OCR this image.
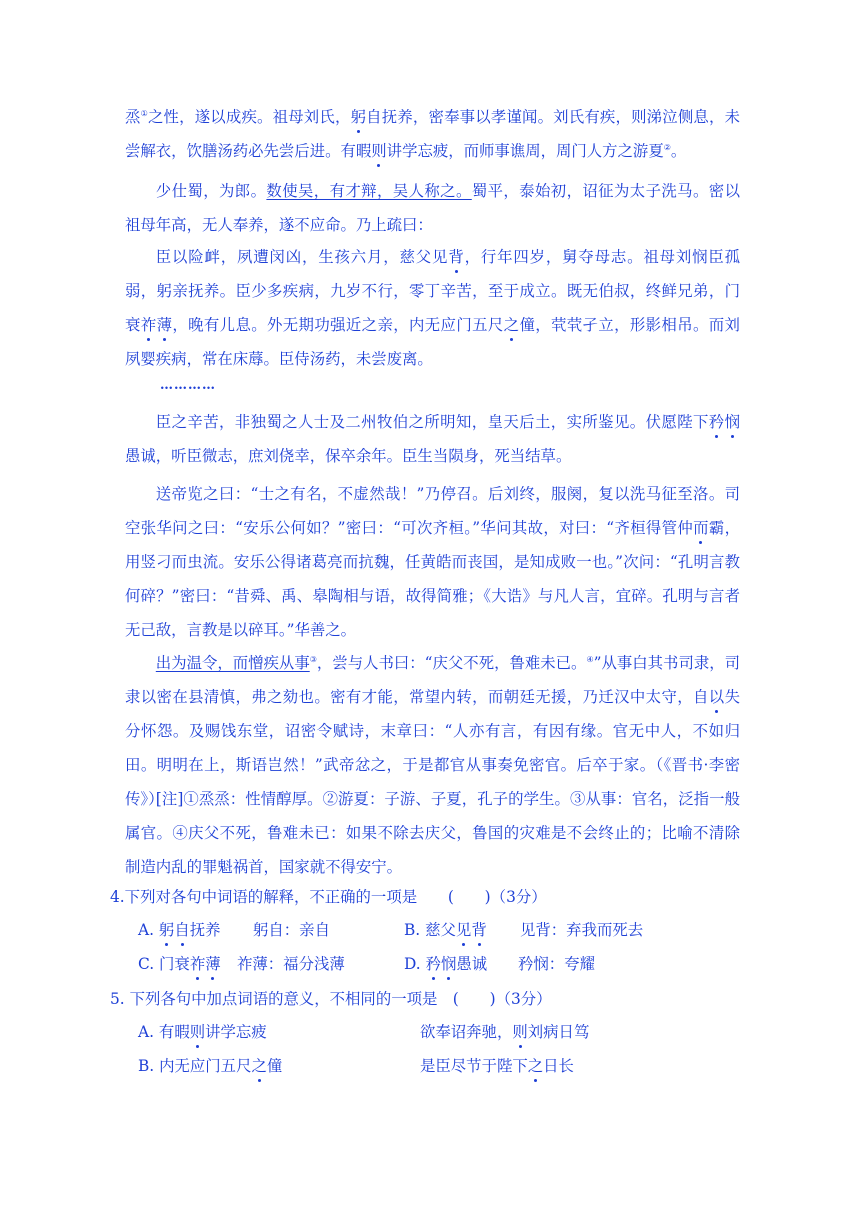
烝①之性，遂以成疾。祖母刘氏，躬自抚养，密奉事以孝谨闻。刘氏有疾，则涕泣侧息，未尝解衣，饮膳汤药必先尝后进。有暇则讲学忘疲，而师事谯周，周门人方之游夏②。
少仕蜀，为郎。数使吴，有才辩，吴人称之。蜀平，泰始初，诏征为太子洗马。密以祖母年高，无人奉养，遂不应命。乃上疏曰：
臣以险衅，夙遭闵凶，生孩六月，慈父见背，行年四岁，舅夺母志。祖母刘悯臣孤弱，躬亲抚养。臣少多疾病，九岁不行，零丁辛苦，至于成立。既无伯叔，终鲜兄弟，门衰祚薄，晚有儿息。外无期功强近之亲，内无应门五尺之僮，茕茕孑立，形影相吊。而刘夙婴疾病，常在床蓐。臣侍汤药，未尝废离。
…………
臣之辛苦，非独蜀之人士及二州牧伯之所明知，皇天后土，实所鉴见。伏愿陛下矜悯愚诚，听臣微志，庶刘侥幸，保卒余年。臣生当陨身，死当结草。
送帝览之曰：“士之有名，不虚然哉！”乃停召。后刘终，服阕，复以洗马征至洛。司空张华问之曰：“安乐公何如？”密曰：“可次齐桓。”华问其故，对曰：“齐桓得管仲而霸，用竖刁而虫流。安乐公得诸葛亮而抗魏，任黄皓而丧国，是知成败一也。”次问：“孔明言教何碎？”密曰：“昔舜、禹、皋陶相与语，故得简雅；《大诰》与凡人言，宜碎。孔明与言者无己敌，言教是以碎耳。”华善之。
出为温令，而憎疾从事③，尝与人书曰：“庆父不死，鲁难未已。④”从事白其书司隶，司隶以密在县清慎，弗之劾也。密有才能，常望内转，而朝廷无援，乃迁汉中太守，自以失分怀怨。及赐饯东堂，诏密令赋诗，末章曰：“人亦有言，有因有缘。官无中人，不如归田。明明在上，斯语岂然！”武帝忿之，于是都官从事奏免密官。后卒于家。（《晋书·李密传》）
[注]①烝烝：性情醇厚。②游夏：子游、子夏，孔子的学生。③从事：官名，泛指一般属官。④庆父不死，鲁难未已：如果不除去庆父，鲁国的灾难是不会终止的；比喻不清除制造内乱的罪魁祸首，国家就不得安宁。
4.下列对各句中词语的解释，不正确的一项是　　(　　)（3分）
A. 躬自抚养 躬自：亲自	B. 慈父见背 见背：弃我而死去
C. 门衰祚薄 祚薄：福分浅薄	D. 矜悯愚诚 矜悯：夸耀
5. 下列各句中加点词语的意义，不相同的一项是　(　　)（3分）
A. 有暇则讲学忘疲	欲奉诏奔驰，则刘病日笃
B. 内无应门五尺之僮	是臣尽节于陛下之日长
